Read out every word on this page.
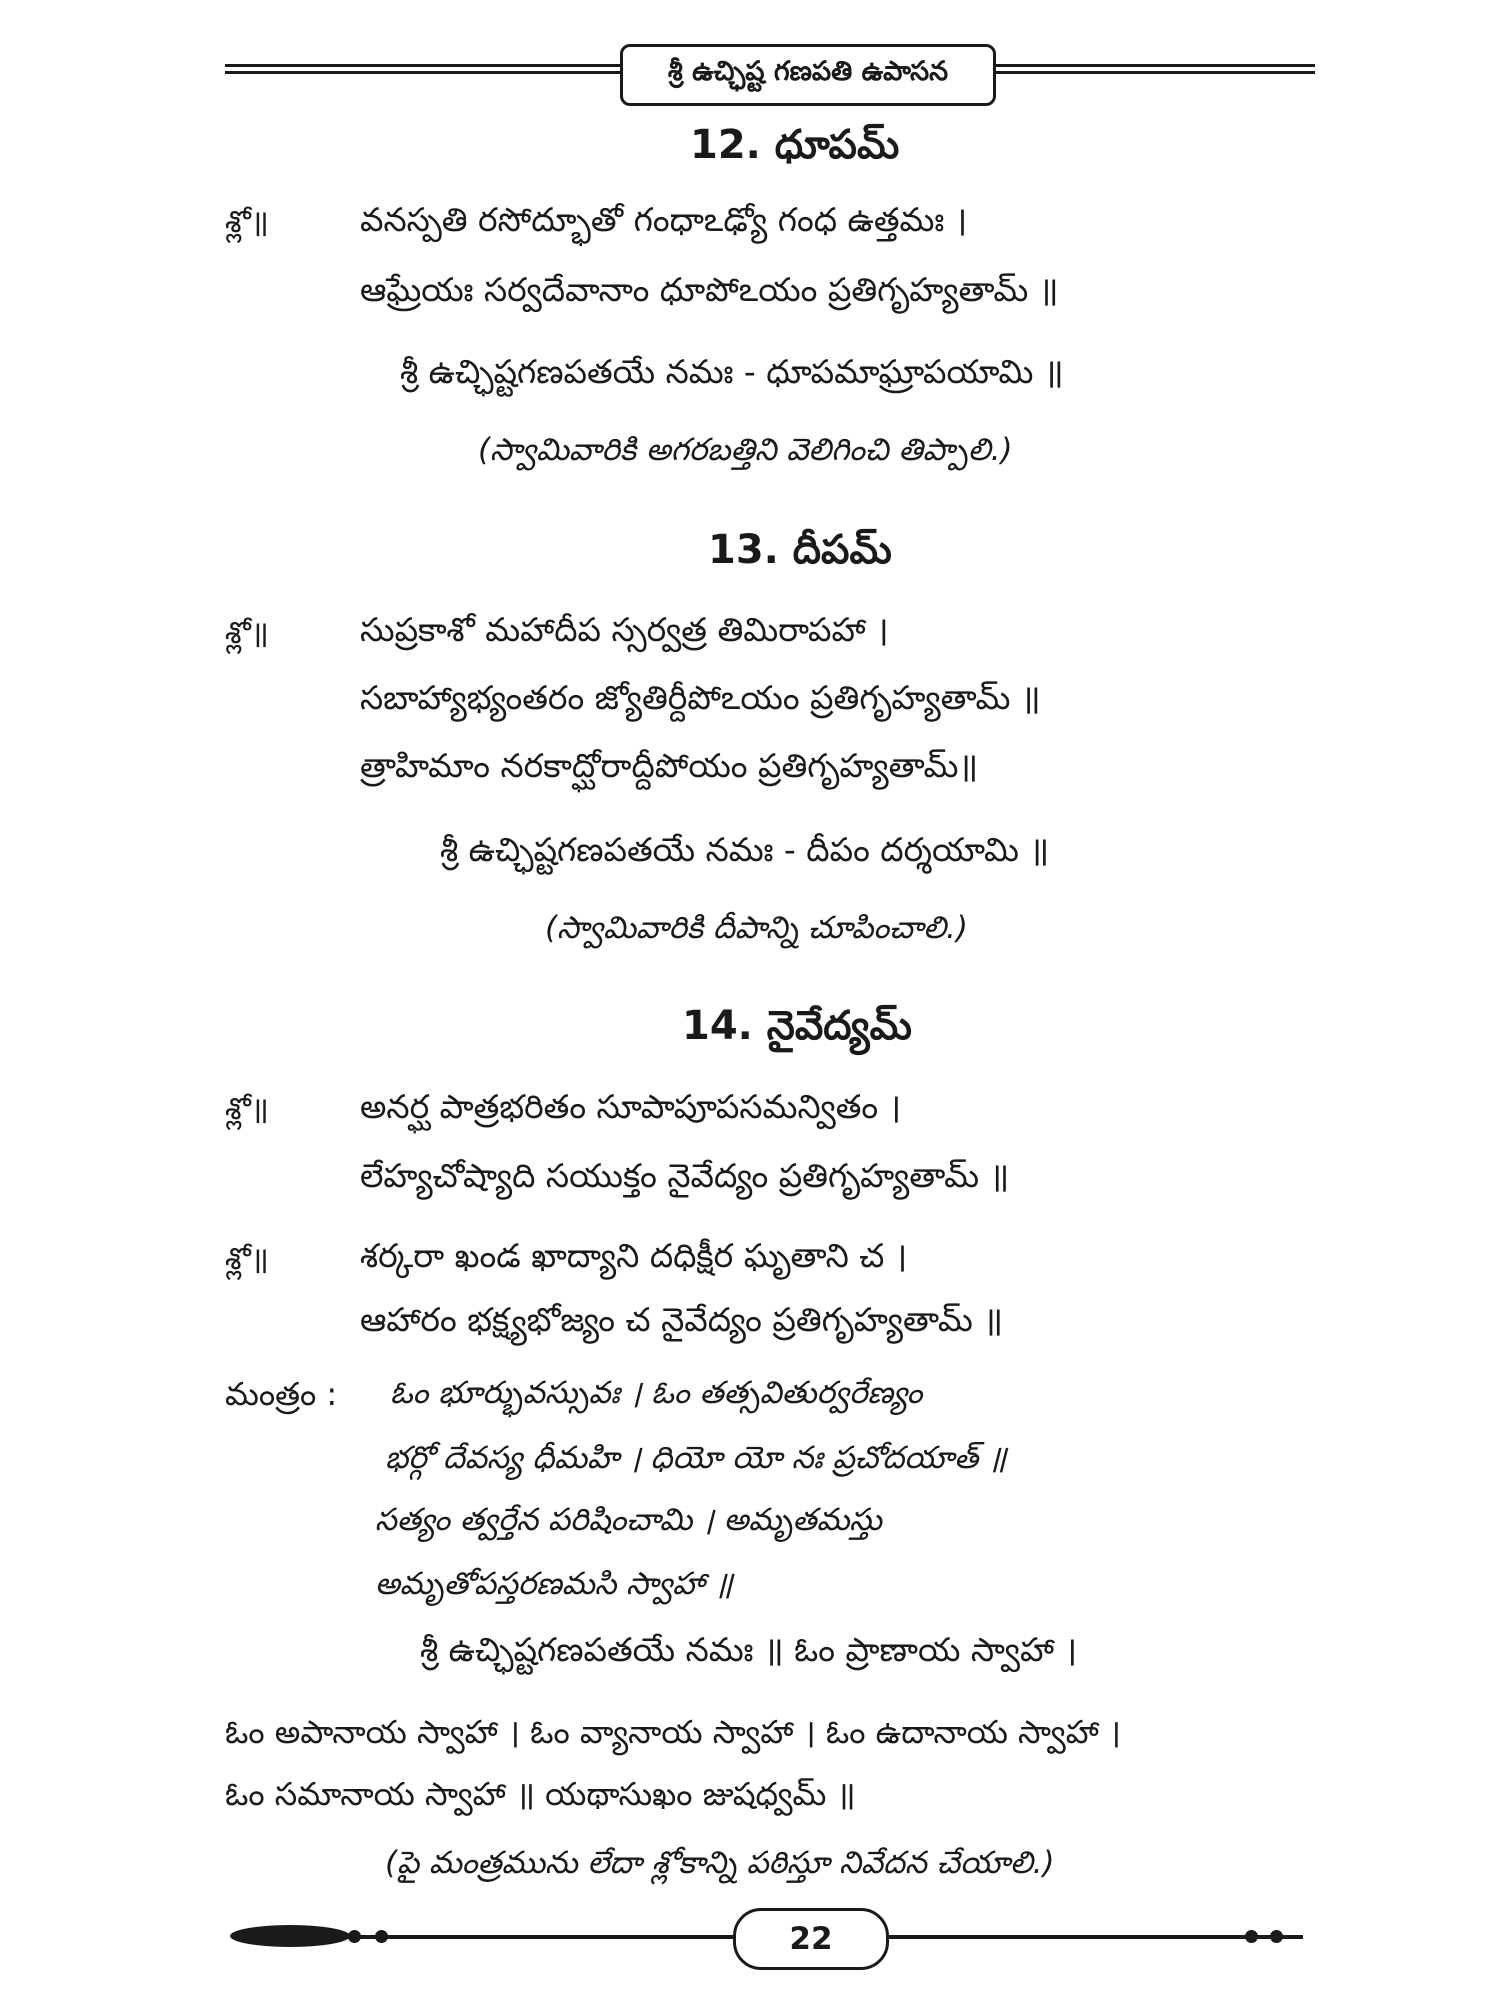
శ్రీ ఉచ్ఛిష్ట గణపతి ఉపాసన
12. ధూపమ్
శ్లో॥	వనస్పతి రసోద్భూతో గంధాఽఢ్యో గంధ ఉత్తమః ।
ఆఘ్రేయః సర్వదేవానాం ధూపోఽయం ప్రతిగృహ్యతామ్ ॥
శ్రీ ఉచ్ఛిష్టగణపతయే నమః - ధూపమాఘ్రాపయామి ॥
(స్వామివారికి అగరబత్తిని వెలిగించి తిప్పాలి.)
13. దీపమ్
శ్లో॥	సుప్రకాశో మహాదీప స్సర్వత్ర తిమిరాపహా ।
సబాహ్యాభ్యంతరం జ్యోతిర్దీపోఽయం ప్రతిగృహ్యతామ్ ॥
త్రాహిమాం నరకాద్ఘోరాద్దీపోయం ప్రతిగృహ్యతామ్॥
శ్రీ ఉచ్ఛిష్టగణపతయే నమః - దీపం దర్శయామి ॥
(స్వామివారికి దీపాన్ని చూపించాలి.)
14. నైవేద్యమ్
శ్లో॥	అనర్ఘ పాత్రభరితం సూపాపూపసమన్వితం ।
లేహ్యచోష్యాది సయుక్తం నైవేద్యం ప్రతిగృహ్యతామ్ ॥
శ్లో॥	శర్కరా ఖండ ఖాద్యాని దధిక్షీర ఘృతాని చ ।
ఆహారం భక్ష్యభోజ్యం చ నైవేద్యం ప్రతిగృహ్యతామ్ ॥
మంత్రం : ఓం భూర్భువస్సువః । ఓం తత్సవితుర్వరేణ్యం
భర్గో దేవస్య ధీమహి । ధియో యో నః ప్రచోదయాత్ ॥
సత్యం త్వర్తేన పరిషించామి । అమృతమస్తు
అమృతోపస్తరణమసి స్వాహా ॥
శ్రీ ఉచ్ఛిష్టగణపతయే నమః ॥ ఓం ప్రాణాయ స్వాహా ।
ఓం అపానాయ స్వాహా । ఓం వ్యానాయ స్వాహా । ఓం ఉదానాయ స్వాహా ।
ఓం సమానాయ స్వాహా ॥ యథాసుఖం జుషధ్వమ్ ॥
(పై మంత్రమును లేదా శ్లోకాన్ని పఠిస్తూ నివేదన చేయాలి.)
22
